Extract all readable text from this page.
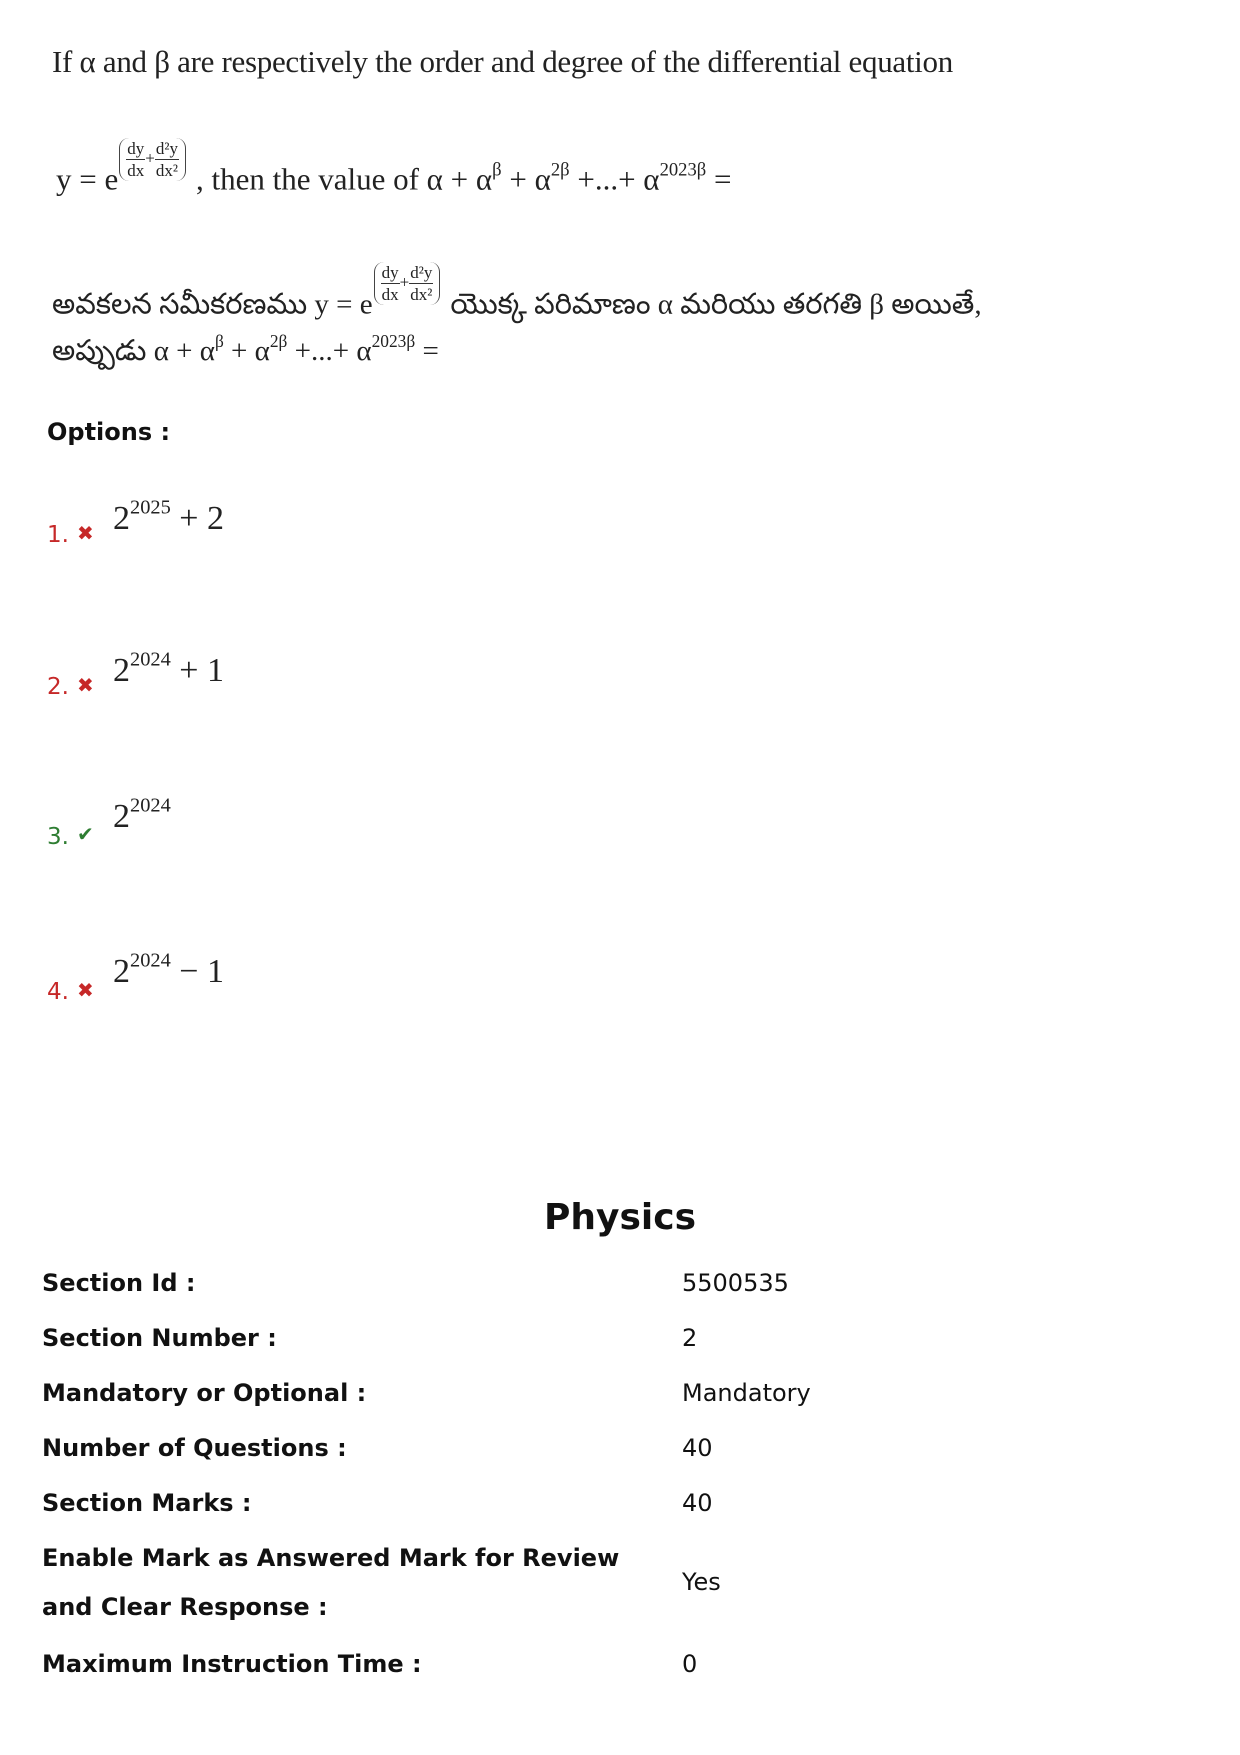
If α and β are respectively the order and degree of the differential equation
y = e $\frac{dy}{dx} + \frac{\text{d²y}}{\text{dx²}}$ , then the value of $\alpha + \alpha^\beta + \alpha^{2\beta}$ +...+ $\alpha^{2023\beta}$ =
అవకలన సమీకరణము y = e
$\frac{dy}{dx} + \frac{\text{d²y}}{\text{dx²}}$
యొక్క పరిమాణం α మరియు తరగతి β అయితే,
అప్పుడు $\alpha + \alpha^\beta + \alpha^{2\beta}$ +...+ $\alpha^{2023\beta}$ =
Options :
1. ✖ $2^{2025} + 2$
2. ✖ $2^{2024} + 1$
3. ✔ $2^{2024}$
4. ✖ $2^{2024} - 1$
Physics
Section Id :	5500535
Section Number :	2
Mandatory or Optional :	Mandatory
Number of Questions :	40
Section Marks :	40
Enable Mark as Answered Mark for Review and Clear Response :
Yes
Maximum Instruction Time :	0
